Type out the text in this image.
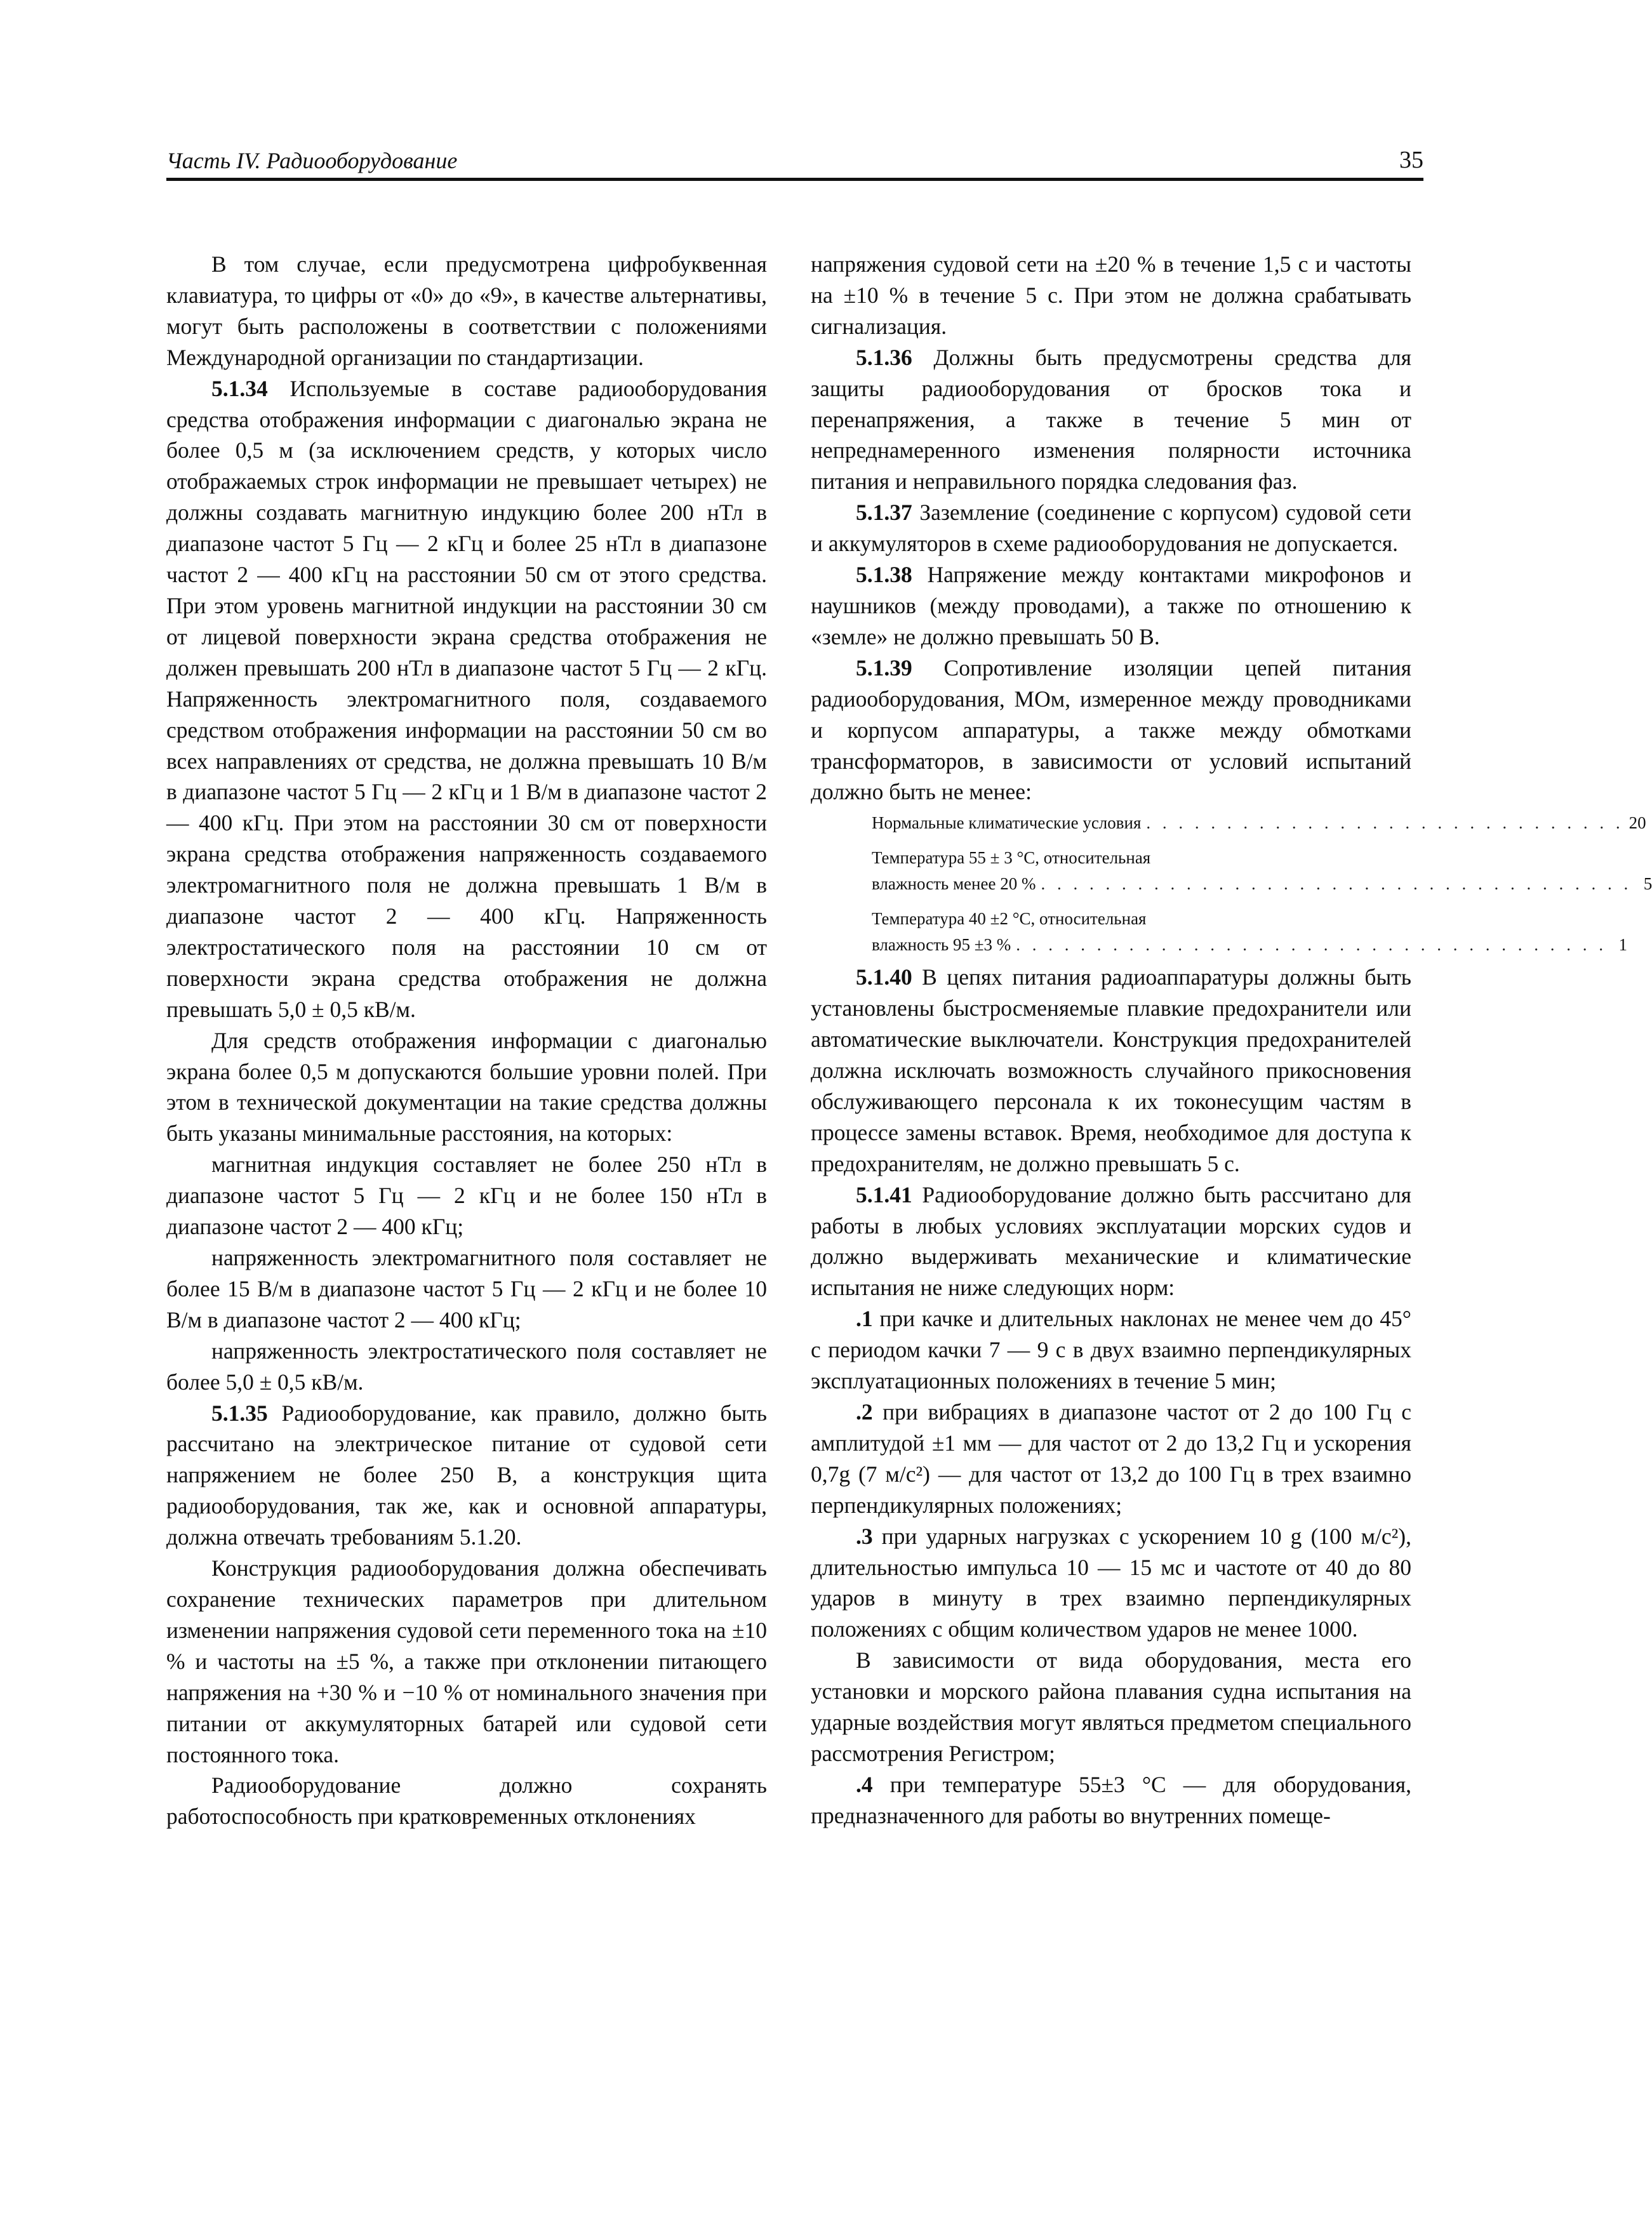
Часть IV. Радиооборудование	35

В том случае, если предусмотрена цифробуквенная клавиатура, то цифры от «0» до «9», в качестве альтернативы, могут быть расположены в соответствии с положениями Международной организации по стандартизации.

5.1.34 Используемые в составе радиооборудования средства отображения информации с диагональю экрана не более 0,5 м (за исключением средств, у которых число отображаемых строк информации не превышает четырех) не должны создавать магнитную индукцию более 200 нТл в диапазоне частот 5 Гц — 2 кГц и более 25 нТл в диапазоне частот 2 — 400 кГц на расстоянии 50 см от этого средства. При этом уровень магнитной индукции на расстоянии 30 см от лицевой поверхности экрана средства отображения не должен превышать 200 нТл в диапазоне частот 5 Гц — 2 кГц. Напряженность электромагнитного поля, создаваемого средством отображения информации на расстоянии 50 см во всех направлениях от средства, не должна превышать 10 В/м в диапазоне частот 5 Гц — 2 кГц и 1 В/м в диапазоне частот 2 — 400 кГц. При этом на расстоянии 30 см от поверхности экрана средства отображения напряженность создаваемого электромагнитного поля не должна превышать 1 В/м в диапазоне частот 2 — 400 кГц. Напряженность электростатического поля на расстоянии 10 см от поверхности экрана средства отображения не должна превышать 5,0 ± 0,5 кВ/м.

Для средств отображения информации с диагональю экрана более 0,5 м допускаются большие уровни полей. При этом в технической документации на такие средства должны быть указаны минимальные расстояния, на которых:

магнитная индукция составляет не более 250 нТл в диапазоне частот 5 Гц — 2 кГц и не более 150 нТл в диапазоне частот 2 — 400 кГц;

напряженность электромагнитного поля составляет не более 15 В/м в диапазоне частот 5 Гц — 2 кГц и не более 10 В/м в диапазоне частот 2 — 400 кГц;

напряженность электростатического поля составляет не более 5,0 ± 0,5 кВ/м.

5.1.35 Радиооборудование, как правило, должно быть рассчитано на электрическое питание от судовой сети напряжением не более 250 В, а конструкция щита радиооборудования, так же, как и основной аппаратуры, должна отвечать требованиям 5.1.20.

Конструкция радиооборудования должна обеспечивать сохранение технических параметров при длительном изменении напряжения судовой сети переменного тока на ±10 % и частоты на ±5 %, а также при отклонении питающего напряжения на +30 % и −10 % от номинального значения при питании от аккумуляторных батарей или судовой сети постоянного тока.

Радиооборудование должно сохранять работоспособность при кратковременных отклонениях

напряжения судовой сети на ±20 % в течение 1,5 с и частоты на ±10 % в течение 5 с. При этом не должна срабатывать сигнализация.

5.1.36 Должны быть предусмотрены средства для защиты радиооборудования от бросков тока и перенапряжения, а также в течение 5 мин от непреднамеренного изменения полярности источника питания и неправильного порядка следования фаз.

5.1.37 Заземление (соединение с корпусом) судовой сети и аккумуляторов в схеме радиооборудования не допускается.

5.1.38 Напряжение между контактами микрофонов и наушников (между проводами), а также по отношению к «земле» не должно превышать 50 В.

5.1.39 Сопротивление изоляции цепей питания радиооборудования, МОм, измеренное между проводниками и корпусом аппаратуры, а также между обмотками трансформаторов, в зависимости от условий испытаний должно быть не менее:

Нормальные климатические условия . . . . . . . . . . . . . . . . . . . . . . . . . . . . . . 20
Температура 55 ± 3 °С, относительная
влажность менее 20 % . . . . . . . . . . . . . . . . . . . . . . . . . . . . . . . . . . . . . 5
Температура 40 ±2 °С, относительная
влажность 95 ±3 % . . . . . . . . . . . . . . . . . . . . . . . . . . . . . . . . . . . . . 1

5.1.40 В цепях питания радиоаппаратуры должны быть установлены быстросменяемые плавкие предохранители или автоматические выключатели. Конструкция предохранителей должна исключать возможность случайного прикосновения обслуживающего персонала к их токонесущим частям в процессе замены вставок. Время, необходимое для доступа к предохранителям, не должно превышать 5 с.

5.1.41 Радиооборудование должно быть рассчитано для работы в любых условиях эксплуатации морских судов и должно выдерживать механические и климатические испытания не ниже следующих норм:

.1 при качке и длительных наклонах не менее чем до 45° с периодом качки 7 — 9 с в двух взаимно перпендикулярных эксплуатационных положениях в течение 5 мин;

.2 при вибрациях в диапазоне частот от 2 до 100 Гц с амплитудой ±1 мм — для частот от 2 до 13,2 Гц и ускорения 0,7g (7 м/с²) — для частот от 13,2 до 100 Гц в трех взаимно перпендикулярных положениях;

.3 при ударных нагрузках с ускорением 10 g (100 м/с²), длительностью импульса 10 — 15 мс и частоте от 40 до 80 ударов в минуту в трех взаимно перпендикулярных положениях с общим количеством ударов не менее 1000.

В зависимости от вида оборудования, места его установки и морского района плавания судна испытания на ударные воздействия могут являться предметом специального рассмотрения Регистром;

.4 при температуре 55±3 °С — для оборудования, предназначенного для работы во внутренних помеще-
